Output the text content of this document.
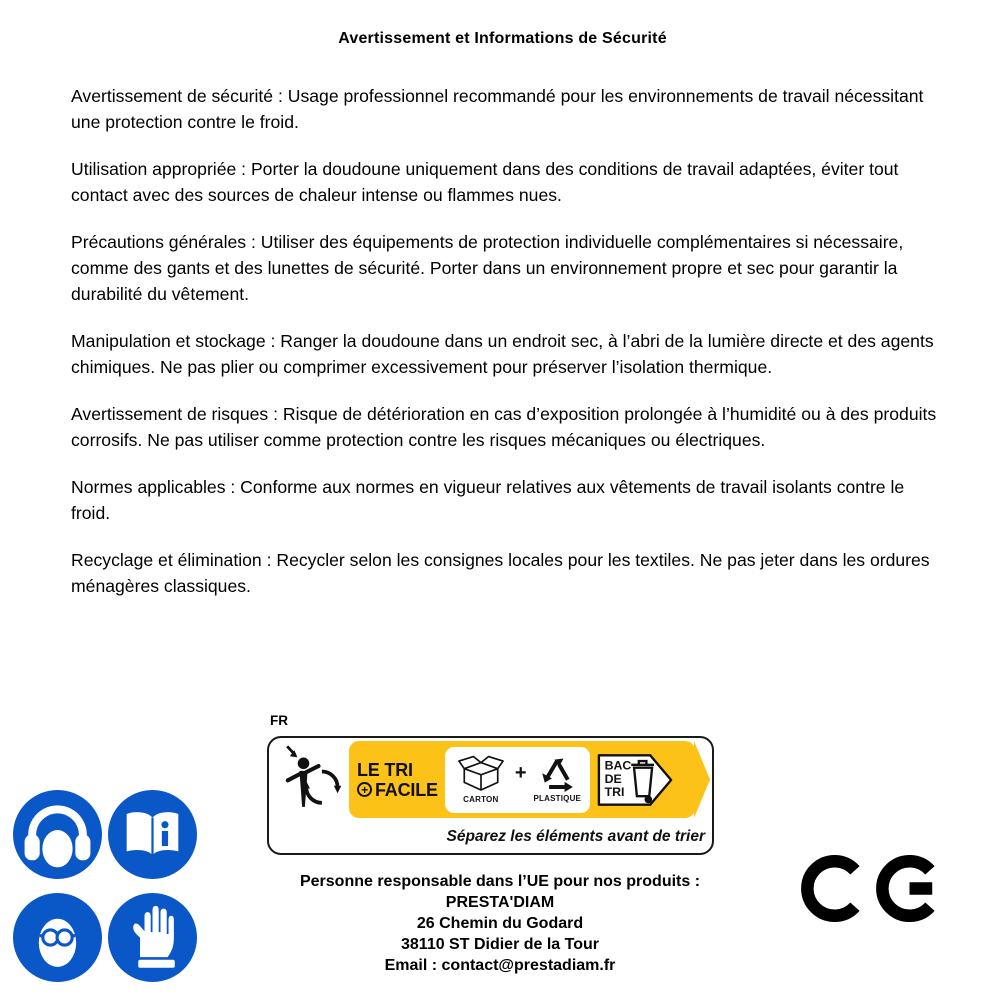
Avertissement et Informations de Sécurité

Avertissement de sécurité : Usage professionnel recommandé pour les environnements de travail nécessitant une protection contre le froid.

Utilisation appropriée : Porter la doudoune uniquement dans des conditions de travail adaptées, éviter tout contact avec des sources de chaleur intense ou flammes nues.

Précautions générales : Utiliser des équipements de protection individuelle complémentaires si nécessaire, comme des gants et des lunettes de sécurité. Porter dans un environnement propre et sec pour garantir la durabilité du vêtement.

Manipulation et stockage : Ranger la doudoune dans un endroit sec, à l’abri de la lumière directe et des agents chimiques. Ne pas plier ou comprimer excessivement pour préserver l’isolation thermique.

Avertissement de risques : Risque de détérioration en cas d’exposition prolongée à l’humidité ou à des produits corrosifs. Ne pas utiliser comme protection contre les risques mécaniques ou électriques.

Normes applicables : Conforme aux normes en vigueur relatives aux vêtements de travail isolants contre le froid.

Recyclage et élimination : Recycler selon les consignes locales pour les textiles. Ne pas jeter dans les ordures ménagères classiques.

FR
LE TRI
+ FACILE	CARTON
+
PLASTIQUE
BAC
DE
TRI
Séparez les éléments avant de trier
Personne responsable dans l’UE pour nos produits :
PRESTA'DIAM
26 Chemin du Godard
38110 ST Didier de la Tour
Email : contact@prestadiam.fr
